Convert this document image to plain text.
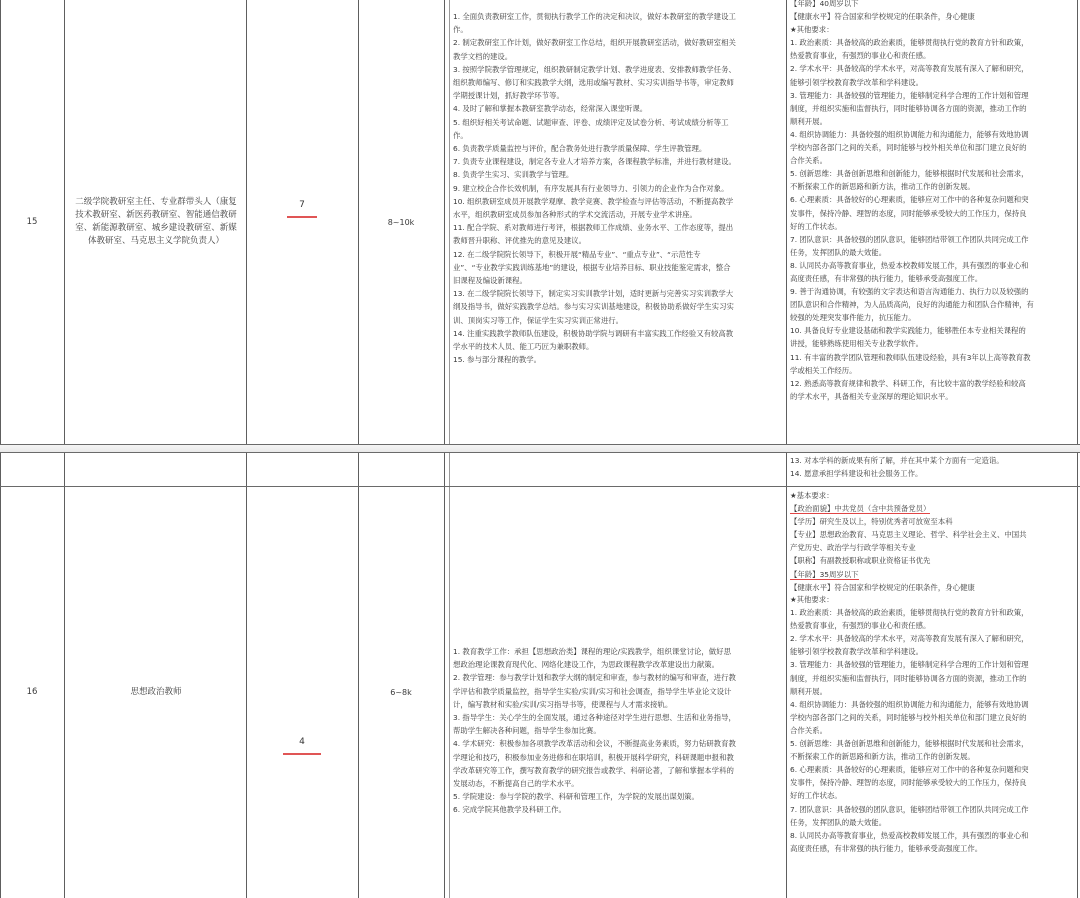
15
二级学院教研室主任、专业群带头人（康复技术教研室、新医药教研室、智能通信教研室、新能源教研室、城乡建设教研室、新媒体教研室、马克思主义学院负责人）
7
8~10k
1. 全面负责教研室工作，贯彻执行教学工作的决定和决议，做好本教研室的教学建设工
作。
2. 制定教研室工作计划，做好教研室工作总结，组织开展教研室活动，做好教研室相关
教学文档的建设。
3. 按照学院教学管理规定，组织教研制定教学计划、教学进度表、安排教师教学任务、
组织教师编写、修订和实践教学大纲，选用或编写教材、实习实训指导书等，审定教师
学期授课计划，抓好教学环节等。
4. 及时了解和掌握本教研室教学动态，经常深入课堂听课。
5. 组织好相关考试命题、试题审查、评卷、成绩评定及试卷分析、考试成绩分析等工
作。
6. 负责教学质量监控与评价，配合教务处进行教学质量保障、学生评教管理。
7. 负责专业课程建设，制定各专业人才培养方案，各课程教学标准，并进行教材建设。
8. 负责学生实习、实训教学与管理。
9. 建立校企合作长效机制，有序发展具有行业领导力、引领力的企业作为合作对象。
10. 组织教研室成员开展教学观摩、教学竞赛、教学检查与评估等活动，不断提高教学
水平，组织教研室成员参加各种形式的学术交流活动，开展专业学术讲座。
11. 配合学院、系对教师进行考评，根据教师工作成绩、业务水平、工作态度等，提出
教师晋升职称、评优推先的意见及建议。
12. 在二级学院院长领导下，积极开展“精品专业”、“重点专业”、“示范性专
业”、“专业教学实践训练基地”的建设，根据专业培养目标、职业技能鉴定需求，整合
旧课程及编设新课程。
13. 在二级学院院长领导下，制定实习实训教学计划，适时更新与完善实习实训教学大
纲及指导书，做好实践教学总结。参与实习实训基地建设，积极协助系做好学生实习实
训、顶岗实习等工作，保证学生实习实训正常进行。
14. 注重实践教学教师队伍建设，积极协助学院与调研有丰富实践工作经验又有较高教
学水平的技术人员、能工巧匠为兼职教师。
15. 参与部分课程的教学。
【年龄】40周岁以下
【健康水平】符合国家和学校规定的任职条件，身心健康
★其他要求：
1. 政治素质：具备较高的政治素质，能够贯彻执行党的教育方针和政策，
热爱教育事业，有强烈的事业心和责任感。
2. 学术水平：具备较高的学术水平，对高等教育发展有深入了解和研究，
能够引领学校教育教学改革和学科建设。
3. 管理能力：具备较强的管理能力，能够制定科学合理的工作计划和管理
制度，并组织实施和监督执行，同时能够协调各方面的资源，推动工作的
顺利开展。
4. 组织协调能力：具备较强的组织协调能力和沟通能力，能够有效地协调
学校内部各部门之间的关系，同时能够与校外相关单位和部门建立良好的
合作关系。
5. 创新思维：具备创新思维和创新能力，能够根据时代发展和社会需求，
不断探索工作的新思路和新方法，推动工作的创新发展。
6. 心理素质：具备较好的心理素质，能够应对工作中的各种复杂问题和突
发事件，保持冷静、理智的态度，同时能够承受较大的工作压力，保持良
好的工作状态。
7. 团队意识：具备较强的团队意识，能够团结带领工作团队共同完成工作
任务，发挥团队的最大效能。
8. 认同民办高等教育事业，热爱本校教师发展工作，具有强烈的事业心和
高度责任感，有非常强的执行能力，能够承受高强度工作。
9. 善于沟通协调，有较强的文字表达和语言沟通能力、执行力以及较强的
团队意识和合作精神，为人品质高尚，良好的沟通能力和团队合作精神，有
较强的处理突发事件能力，抗压能力。
10. 具备良好专业建设基础和教学实践能力，能够胜任本专业相关课程的
讲授，能够熟练使用相关专业教学软件。
11. 有丰富的教学团队管理和教师队伍建设经验，具有3年以上高等教育教
学或相关工作经历。
12. 熟悉高等教育规律和教学、科研工作，有比较丰富的教学经验和较高
的学术水平，具备相关专业深厚的理论知识水平。
13. 对本学科的新成果有所了解，并在其中某个方面有一定造诣。
14. 愿意承担学科建设和社会服务工作。
16	思想政治教师
4
6~8k
1. 教育教学工作：承担【思想政治类】课程的理论/实践教学，组织课堂讨论，做好思
想政治理论课教育现代化、网络化建设工作，为思政课程教学改革建设出力献策。
2. 教学管理：参与教学计划和教学大纲的制定和审查，参与教材的编写和审查，进行教
学评估和教学质量监控，指导学生实验/实训/实习和社会调查，指导学生毕业论文设计
计，编写教材和实验/实训/实习指导书等，使课程与人才需求接轨。
3. 指导学生：关心学生的全面发展，通过各种途径对学生进行思想、生活和业务指导，
帮助学生解决各种问题，指导学生参加比赛。
4. 学术研究：积极参加各项教学改革活动和会议，不断提高业务素质，努力钻研教育教
学理论和技巧，积极参加业务进修和在职培训，积极开展科学研究，科研课题申报和教
学改革研究等工作，撰写教育教学的研究报告或教学、科研论著，了解和掌握本学科的
发展动态，不断提高自己的学术水平。
5. 学院建设：参与学院的教学、科研和管理工作，为学院的发展出谋划策。
6. 完成学院其他教学及科研工作。
★基本要求：
【政治面貌】中共党员（含中共预备党员）
【学历】研究生及以上，特别优秀者可放宽至本科
【专业】思想政治教育、马克思主义理论、哲学、科学社会主义、中国共
产党历史、政治学与行政学等相关专业
【职称】有副教授职称或职业资格证书优先
【年龄】35周岁以下
【健康水平】符合国家和学校规定的任职条件，身心健康
★其他要求：
1. 政治素质：具备较高的政治素质，能够贯彻执行党的教育方针和政策，
热爱教育事业，有强烈的事业心和责任感。
2. 学术水平：具备较高的学术水平，对高等教育发展有深入了解和研究，
能够引领学校教育教学改革和学科建设。
3. 管理能力：具备较强的管理能力，能够制定科学合理的工作计划和管理
制度，并组织实施和监督执行，同时能够协调各方面的资源，推动工作的
顺利开展。
4. 组织协调能力：具备较强的组织协调能力和沟通能力，能够有效地协调
学校内部各部门之间的关系，同时能够与校外相关单位和部门建立良好的
合作关系。
5. 创新思维：具备创新思维和创新能力，能够根据时代发展和社会需求，
不断探索工作的新思路和新方法，推动工作的创新发展。
6. 心理素质：具备较好的心理素质，能够应对工作中的各种复杂问题和突
发事件，保持冷静、理智的态度，同时能够承受较大的工作压力，保持良
好的工作状态。
7. 团队意识：具备较强的团队意识，能够团结带领工作团队共同完成工作
任务，发挥团队的最大效能。
8. 认同民办高等教育事业，热爱高校教师发展工作，具有强烈的事业心和
高度责任感，有非常强的执行能力，能够承受高强度工作。
